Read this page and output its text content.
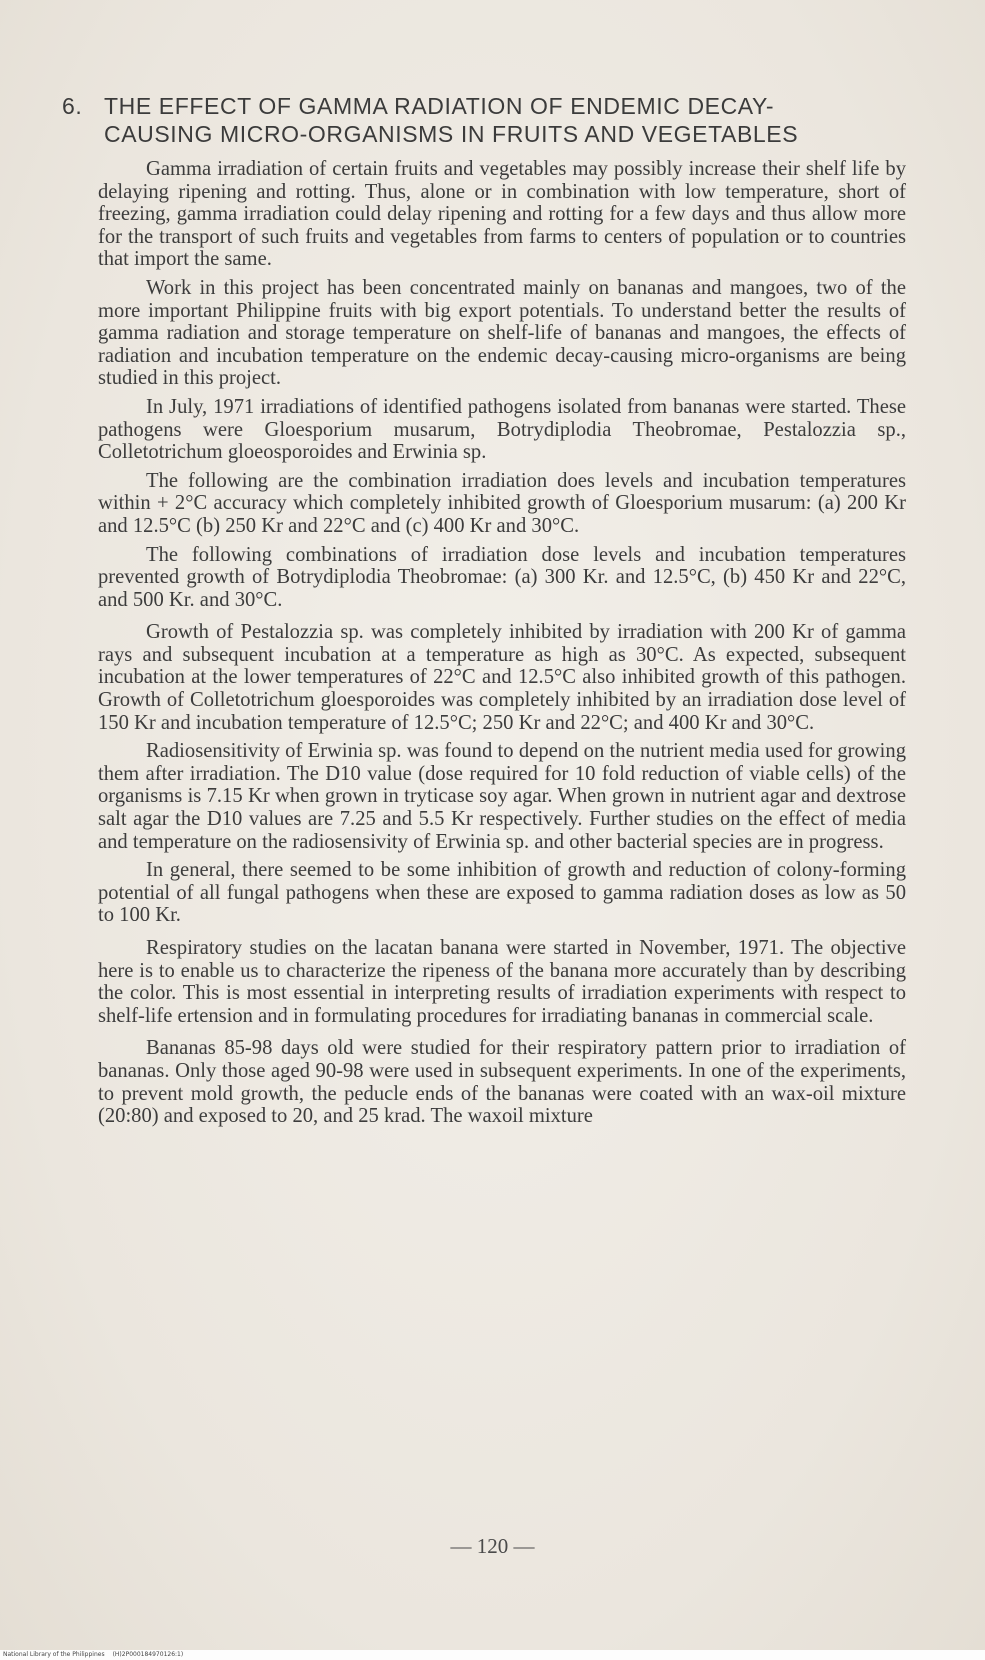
6. THE EFFECT OF GAMMA RADIATION OF ENDEMIC DECAY-
CAUSING MICRO-ORGANISMS IN FRUITS AND VEGETABLES

Gamma irradiation of certain fruits and vegetables may possibly increase their shelf life by delaying ripening and rotting. Thus, alone or in combination with low temperature, short of freezing, gamma irradiation could delay ripening and rotting for a few days and thus allow more for the transport of such fruits and vegetables from farms to centers of population or to countries that import the same.

Work in this project has been concentrated mainly on bananas and mangoes, two of the more important Philippine fruits with big export potentials. To understand better the results of gamma radiation and storage temperature on shelf-life of bananas and mangoes, the effects of radiation and incubation temperature on the endemic decay-causing micro-organisms are being studied in this project.

In July, 1971 irradiations of identified pathogens isolated from bananas were started. These pathogens were Gloesporium musarum, Botrydiplodia Theobromae, Pestalozzia sp., Colletotrichum gloeosporoides and Erwinia sp.

The following are the combination irradiation does levels and incubation temperatures within + 2°C accuracy which completely inhibited growth of Gloesporium musarum: (a) 200 Kr and 12.5°C (b) 250 Kr and 22°C and (c) 400 Kr and 30°C.

The following combinations of irradiation dose levels and incubation temperatures prevented growth of Botrydiplodia Theobromae: (a) 300 Kr. and 12.5°C, (b) 450 Kr and 22°C, and 500 Kr. and 30°C.

Growth of Pestalozzia sp. was completely inhibited by irradiation with 200 Kr of gamma rays and subsequent incubation at a temperature as high as 30°C. As expected, subsequent incubation at the lower temperatures of 22°C and 12.5°C also inhibited growth of this pathogen. Growth of Colletotrichum gloesporoides was completely inhibited by an irradiation dose level of 150 Kr and incubation temperature of 12.5°C; 250 Kr and 22°C; and 400 Kr and 30°C.

Radiosensitivity of Erwinia sp. was found to depend on the nutrient media used for growing them after irradiation. The D10 value (dose required for 10 fold reduction of viable cells) of the organisms is 7.15 Kr when grown in tryticase soy agar. When grown in nutrient agar and dextrose salt agar the D10 values are 7.25 and 5.5 Kr respectively. Further studies on the effect of media and temperature on the radiosensivity of Erwinia sp. and other bacterial species are in progress.

In general, there seemed to be some inhibition of growth and reduction of colony-forming potential of all fungal pathogens when these are exposed to gamma radiation doses as low as 50 to 100 Kr.

Respiratory studies on the lacatan banana were started in November, 1971. The objective here is to enable us to characterize the ripeness of the banana more accurately than by describing the color. This is most essential in interpreting results of irradiation experiments with respect to shelf-life ertension and in formulating procedures for irradiating bananas in commercial scale.

Bananas 85-98 days old were studied for their respiratory pattern prior to irradiation of bananas. Only those aged 90-98 were used in subsequent experiments. In one of the experiments, to prevent mold growth, the peducle ends of the bananas were coated with an wax-oil mixture (20:80) and exposed to 20, and 25 krad. The waxoil mixture

— 120 —
National Library of the Philippines (H)2P000184970126:1)
